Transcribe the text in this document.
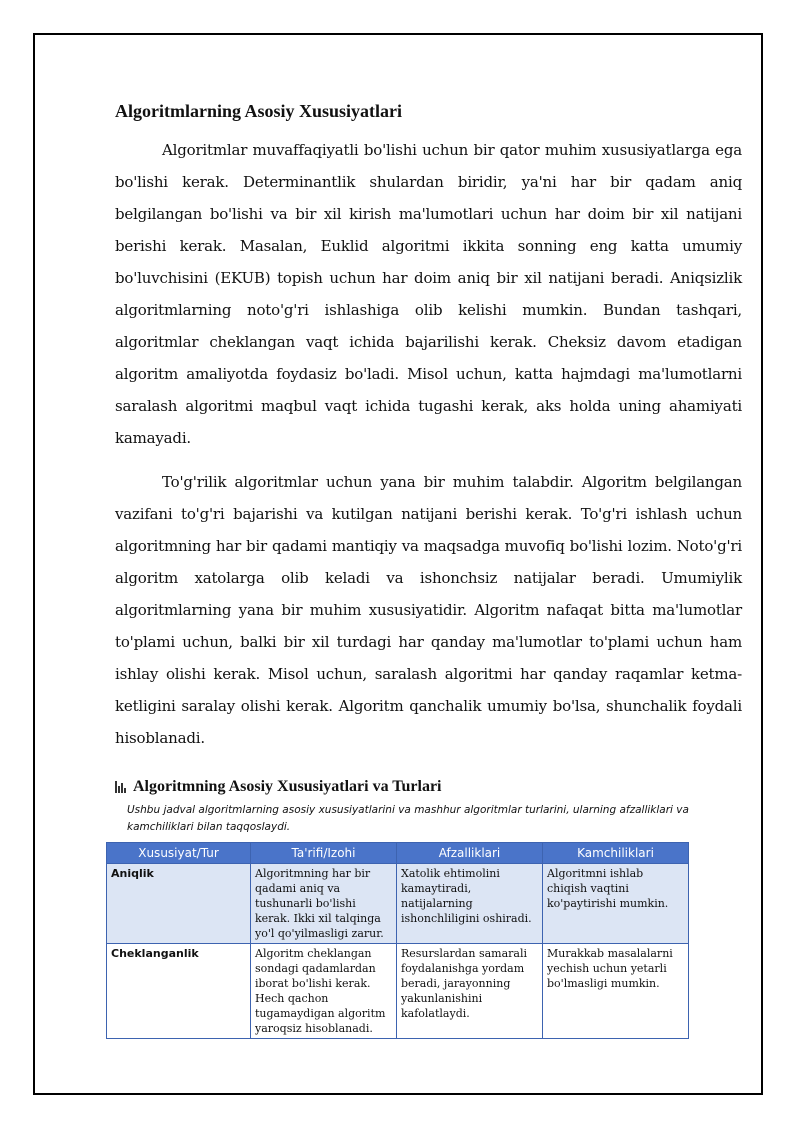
Algoritmlarning Asosiy Xususiyatlari

Algoritmlar muvaffaqiyatli bo'lishi uchun bir qator muhim xususiyatlarga ega bo'lishi kerak. Determinantlik shulardan biridir, ya'ni har bir qadam aniq belgilangan bo'lishi va bir xil kirish ma'lumotlari uchun har doim bir xil natijani berishi kerak. Masalan, Euklid algoritmi ikkita sonning eng katta umumiy bo'luvchisini (EKUB) topish uchun har doim aniq bir xil natijani beradi. Aniqsizlik algoritmlarning noto'g'ri ishlashiga olib kelishi mumkin. Bundan tashqari, algoritmlar cheklangan vaqt ichida bajarilishi kerak. Cheksiz davom etadigan algoritm amaliyotda foydasiz bo'ladi. Misol uchun, katta hajmdagi ma'lumotlarni saralash algoritmi maqbul vaqt ichida tugashi kerak, aks holda uning ahamiyati kamayadi.

To'g'rilik algoritmlar uchun yana bir muhim talabdir. Algoritm belgilangan vazifani to'g'ri bajarishi va kutilgan natijani berishi kerak. To'g'ri ishlash uchun algoritmning har bir qadami mantiqiy va maqsadga muvofiq bo'lishi lozim. Noto'g'ri algoritm xatolarga olib keladi va ishonchsiz natijalar beradi. Umumiylik algoritmlarning yana bir muhim xususiyatidir. Algoritm nafaqat bitta ma'lumotlar to'plami uchun, balki bir xil turdagi har qanday ma'lumotlar to'plami uchun ham ishlay olishi kerak. Misol uchun, saralash algoritmi har qanday raqamlar ketma-ketligini saralay olishi kerak. Algoritm qanchalik umumiy bo'lsa, shunchalik foydali hisoblanadi.

Algoritmning Asosiy Xususiyatlari va Turlari
Ushbu jadval algoritmlarning asosiy xususiyatlarini va mashhur algoritmlar turlarini, ularning afzalliklari va kamchiliklari bilan taqqoslaydi.
Xususiyat/Tur	Ta'rifi/Izohi	Afzalliklari	Kamchiliklari
Aniqlik	Algoritmning har bir qadami aniq va tushunarli bo'lishi kerak. Ikki xil talqinga yo'l qo'yilmasligi zarur.	Xatolik ehtimolini kamaytiradi, natijalarning ishonchliligini oshiradi.	Algoritmni ishlab chiqish vaqtini ko'paytirishi mumkin.
Cheklanganlik	Algoritm cheklangan sondagi qadamlardan iborat bo'lishi kerak. Hech qachon tugamaydigan algoritm yaroqsiz hisoblanadi.	Resurslardan samarali foydalanishga yordam beradi, jarayonning yakunlanishini kafolatlaydi.	Murakkab masalalarni yechish uchun yetarli bo'lmasligi mumkin.
